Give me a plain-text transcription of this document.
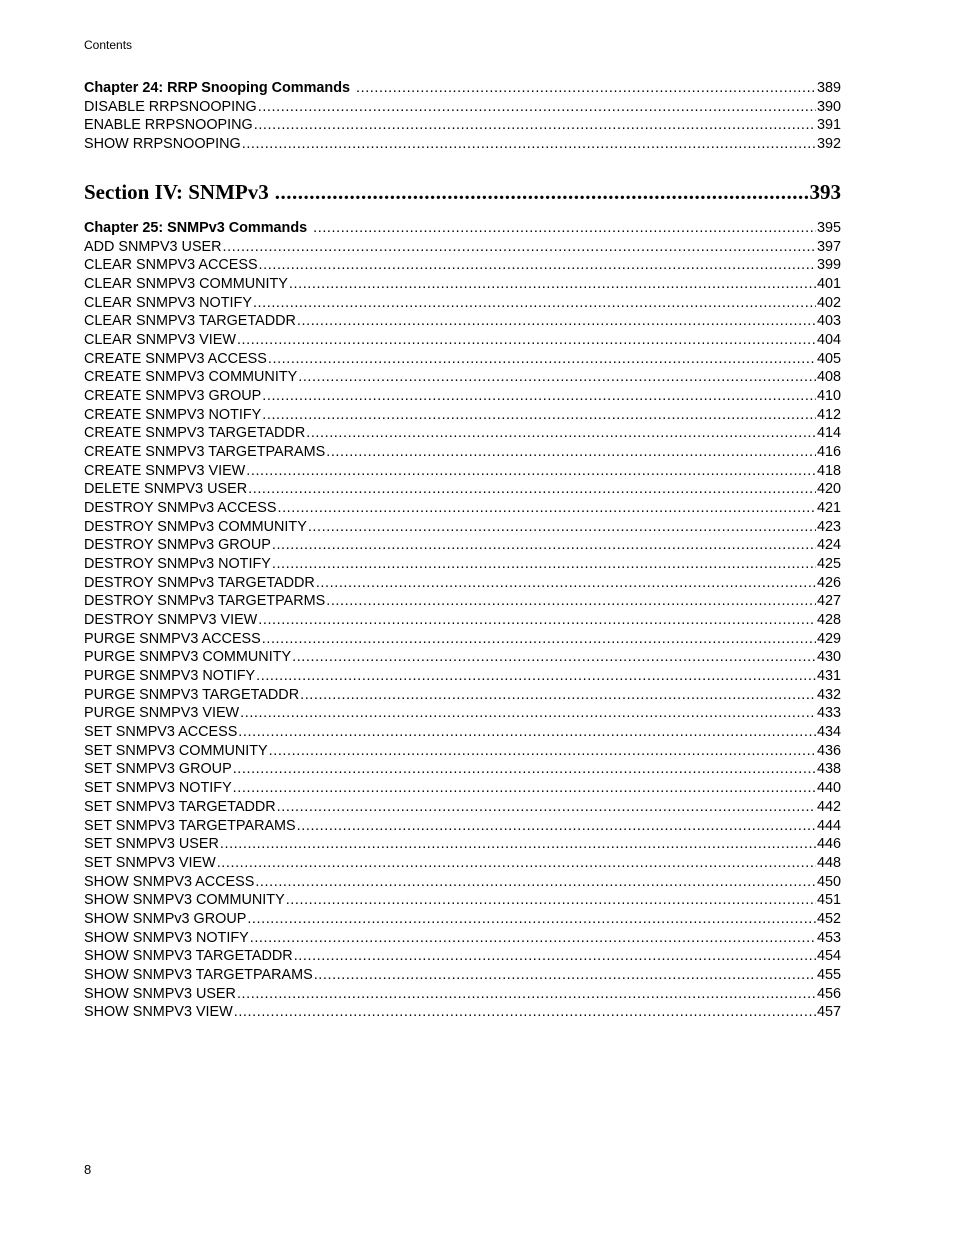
Contents
Chapter 24: RRP Snooping Commands .....	389
DISABLE RRPSNOOPING .....	390
ENABLE RRPSNOOPING .....	391
SHOW RRPSNOOPING .....	392
Section IV: SNMPv3 .....	393
Chapter 25: SNMPv3 Commands .....	395
ADD SNMPV3 USER .....	397
CLEAR SNMPV3 ACCESS .....	399
CLEAR SNMPV3 COMMUNITY .....	401
CLEAR SNMPV3 NOTIFY .....	402
CLEAR SNMPV3 TARGETADDR .....	403
CLEAR SNMPV3 VIEW .....	404
CREATE SNMPV3 ACCESS .....	405
CREATE SNMPV3 COMMUNITY .....	408
CREATE SNMPV3 GROUP .....	410
CREATE SNMPV3 NOTIFY .....	412
CREATE SNMPV3 TARGETADDR .....	414
CREATE SNMPV3 TARGETPARAMS .....	416
CREATE SNMPV3 VIEW .....	418
DELETE SNMPV3 USER .....	420
DESTROY SNMPv3 ACCESS .....	421
DESTROY SNMPv3 COMMUNITY .....	423
DESTROY SNMPv3 GROUP .....	424
DESTROY SNMPv3 NOTIFY .....	425
DESTROY SNMPv3 TARGETADDR .....	426
DESTROY SNMPv3 TARGETPARMS .....	427
DESTROY SNMPV3 VIEW .....	428
PURGE SNMPV3 ACCESS .....	429
PURGE SNMPV3 COMMUNITY .....	430
PURGE SNMPV3 NOTIFY .....	431
PURGE SNMPV3 TARGETADDR .....	432
PURGE SNMPV3 VIEW .....	433
SET SNMPV3 ACCESS .....	434
SET SNMPV3 COMMUNITY .....	436
SET SNMPV3 GROUP .....	438
SET SNMPV3 NOTIFY .....	440
SET SNMPV3 TARGETADDR .....	442
SET SNMPV3 TARGETPARAMS .....	444
SET SNMPV3 USER .....	446
SET SNMPV3 VIEW .....	448
SHOW SNMPV3 ACCESS .....	450
SHOW SNMPV3 COMMUNITY .....	451
SHOW SNMPv3 GROUP .....	452
SHOW SNMPV3 NOTIFY .....	453
SHOW SNMPV3 TARGETADDR .....	454
SHOW SNMPV3 TARGETPARAMS .....	455
SHOW SNMPV3 USER .....	456
SHOW SNMPV3 VIEW .....	457
8
